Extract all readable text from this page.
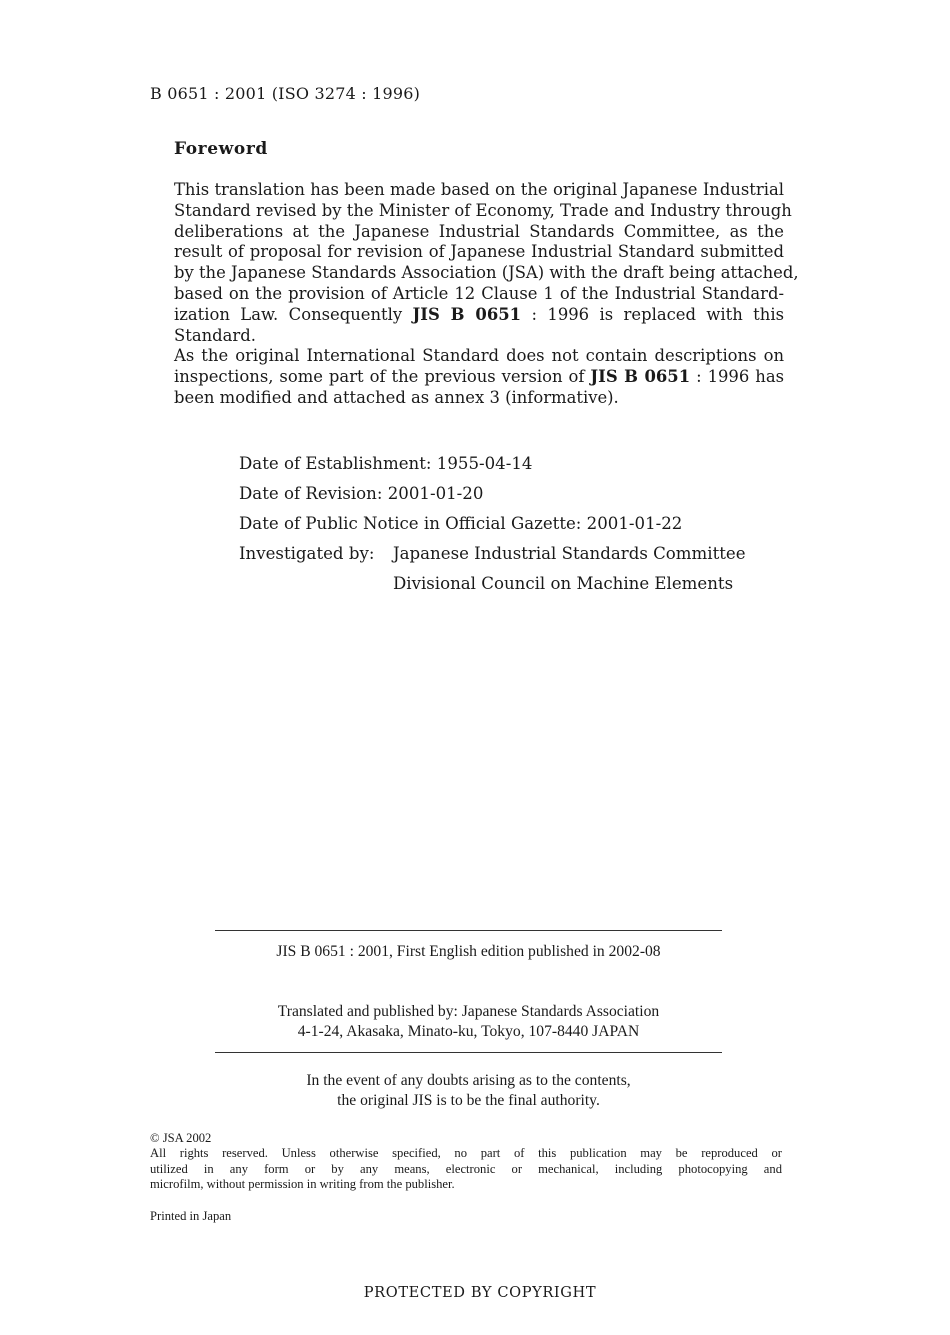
B 0651 : 2001 (ISO 3274 : 1996)
Foreword
This translation has been made based on the original Japanese Industrial
Standard revised by the Minister of Economy, Trade and Industry through
deliberations at the Japanese Industrial Standards Committee, as the
result of proposal for revision of Japanese Industrial Standard submitted
by the Japanese Standards Association (JSA) with the draft being attached,
based on the provision of Article 12 Clause 1 of the Industrial Standard-
ization Law. Consequently JIS B 0651 : 1996 is replaced with this
Standard.
As the original International Standard does not contain descriptions on
inspections, some part of the previous version of JIS B 0651 : 1996 has
been modified and attached as annex 3 (informative).
Date of Establishment: 1955-04-14
Date of Revision: 2001-01-20
Date of Public Notice in Official Gazette: 2001-01-22
Investigated by:	Japanese Industrial Standards Committee
Divisional Council on Machine Elements
JIS B 0651 : 2001, First English edition published in 2002-08
Translated and published by: Japanese Standards Association
4-1-24, Akasaka, Minato-ku, Tokyo, 107-8440 JAPAN
In the event of any doubts arising as to the contents,
the original JIS is to be the final authority.
© JSA 2002
All rights reserved. Unless otherwise specified, no part of this publication may be reproduced or
utilized in any form or by any means, electronic or mechanical, including photocopying and
microfilm, without permission in writing from the publisher.
Printed in Japan
PROTECTED BY COPYRIGHT
